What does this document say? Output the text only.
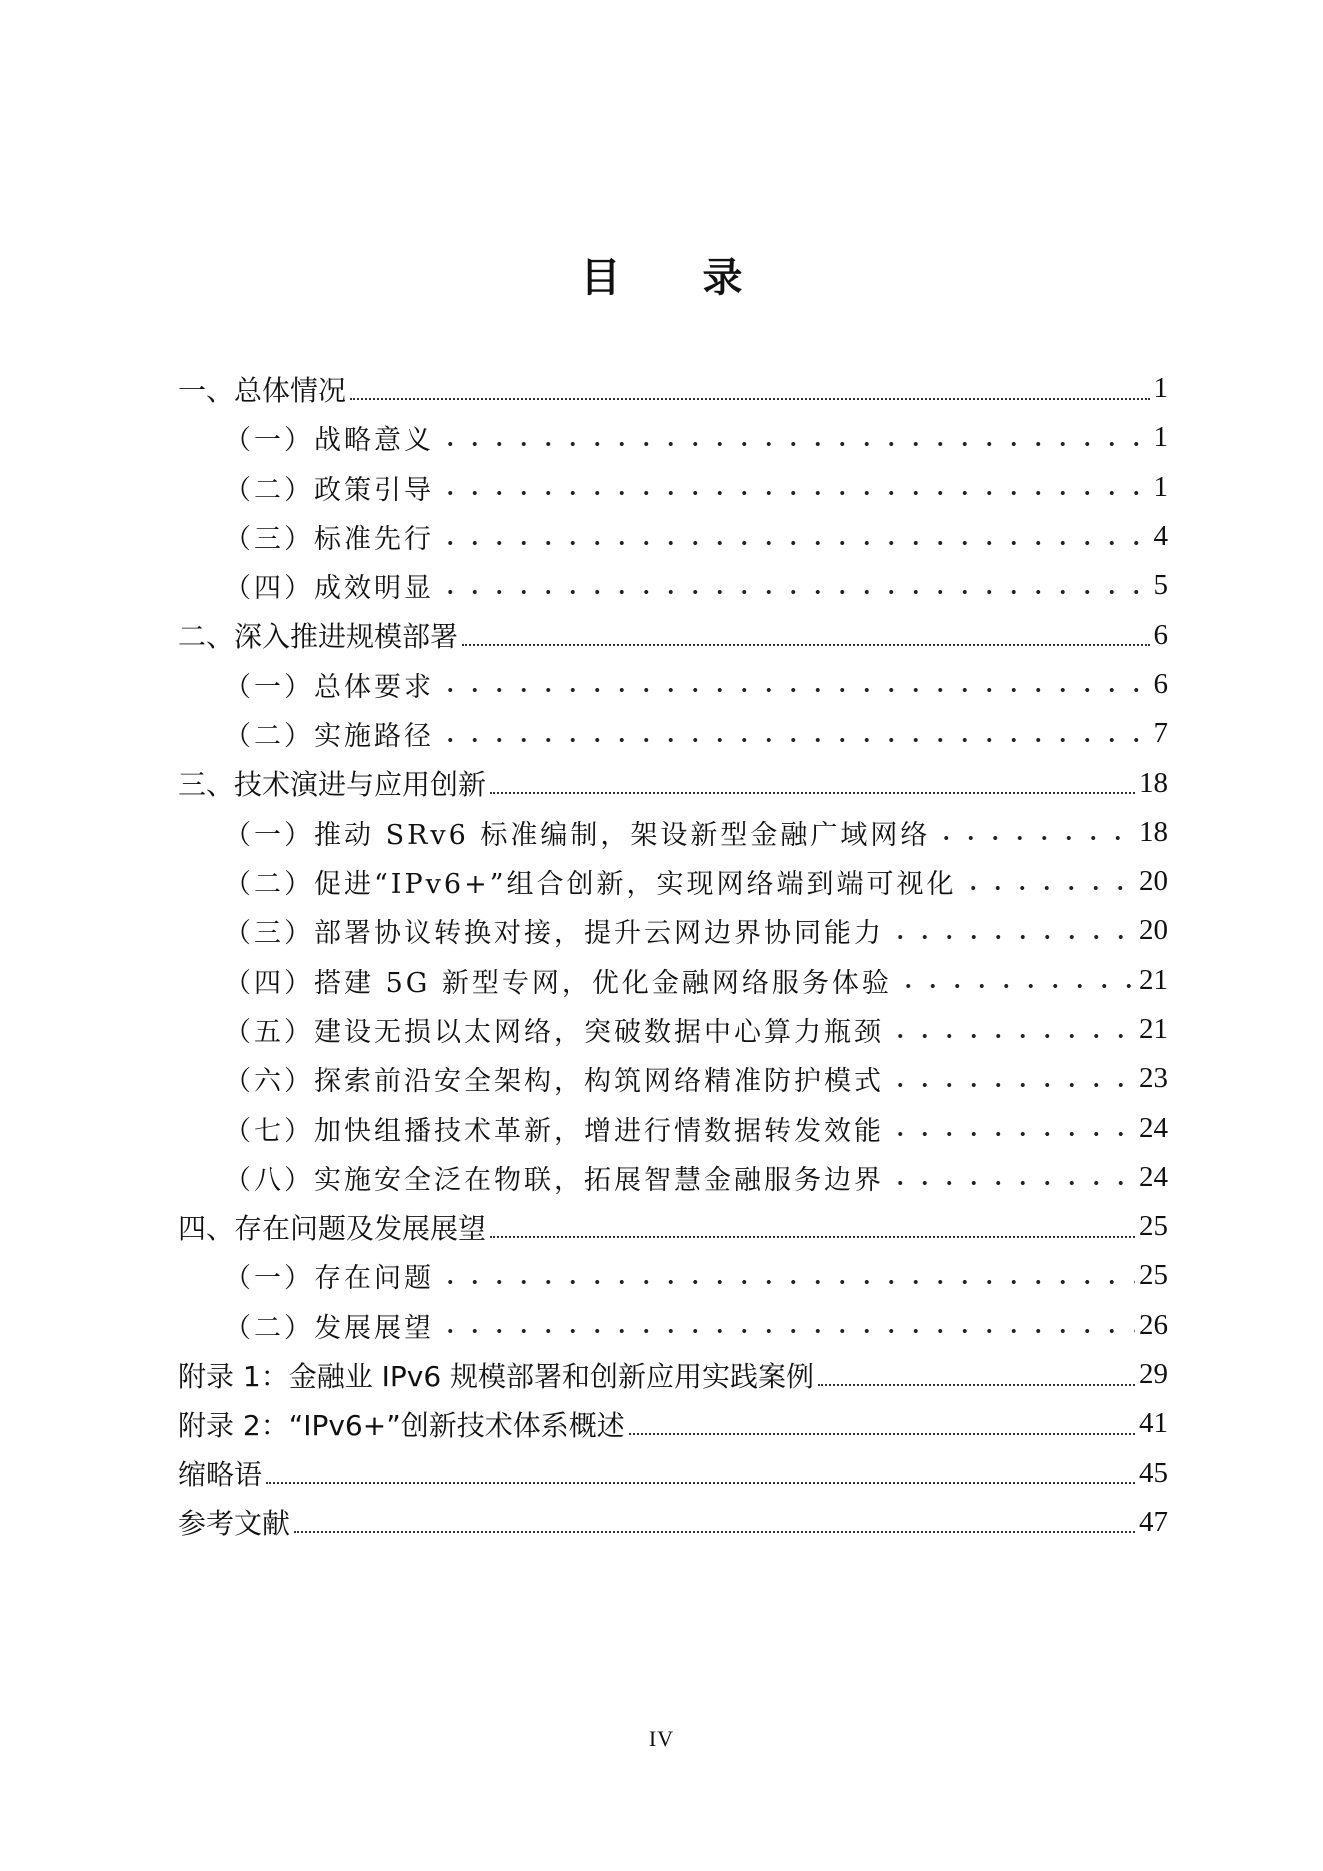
目 录
一、总体情况	1
（一）战略意义	1
（二）政策引导	1
（三）标准先行	4
（四）成效明显	5
二、深入推进规模部署	6
（一）总体要求	6
（二）实施路径	7
三、技术演进与应用创新	18
（一）推动 SRv6 标准编制，架设新型金融广域网络	18
（二）促进“IPv6+”组合创新，实现网络端到端可视化	20
（三）部署协议转换对接，提升云网边界协同能力	20
（四）搭建 5G 新型专网，优化金融网络服务体验	21
（五）建设无损以太网络，突破数据中心算力瓶颈	21
（六）探索前沿安全架构，构筑网络精准防护模式	23
（七）加快组播技术革新，增进行情数据转发效能	24
（八）实施安全泛在物联，拓展智慧金融服务边界	24
四、存在问题及发展展望	25
（一）存在问题	25
（二）发展展望	26
附录 1：金融业 IPv6 规模部署和创新应用实践案例	29
附录 2：“IPv6+”创新技术体系概述	41
缩略语	45
参考文献	47
IV
